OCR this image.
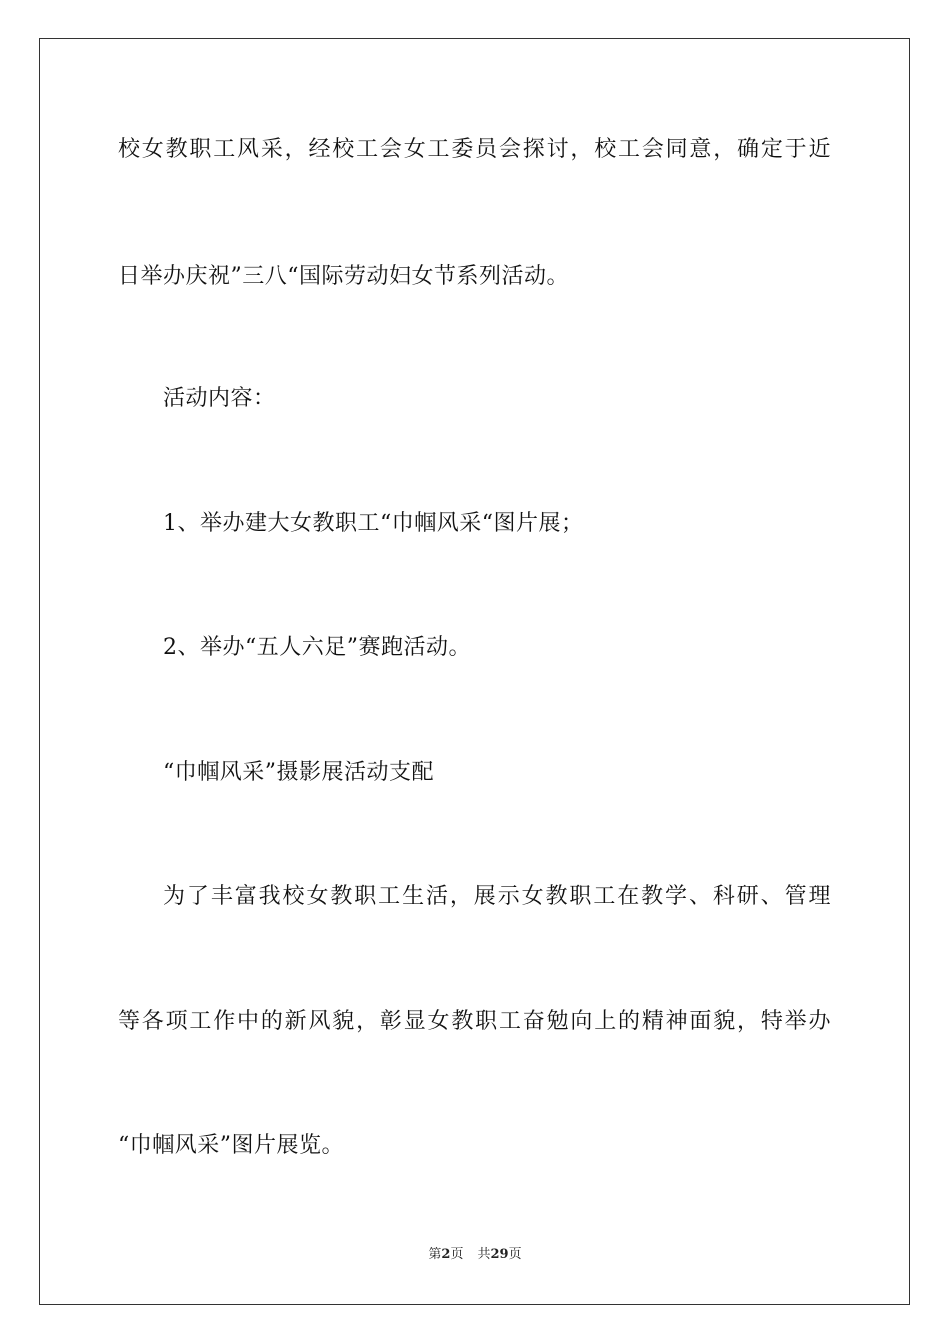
校女教职工风采，经校工会女工委员会探讨，校工会同意，确定于近
日举办庆祝”三八“国际劳动妇女节系列活动。
活动内容：
1、举办建大女教职工“巾帼风采“图片展；
2、举办“五人六足”赛跑活动。
“巾帼风采”摄影展活动支配
为了丰富我校女教职工生活，展示女教职工在教学、科研、管理
等各项工作中的新风貌，彰显女教职工奋勉向上的精神面貌，特举办
“巾帼风采”图片展览。
第2页 共29页
